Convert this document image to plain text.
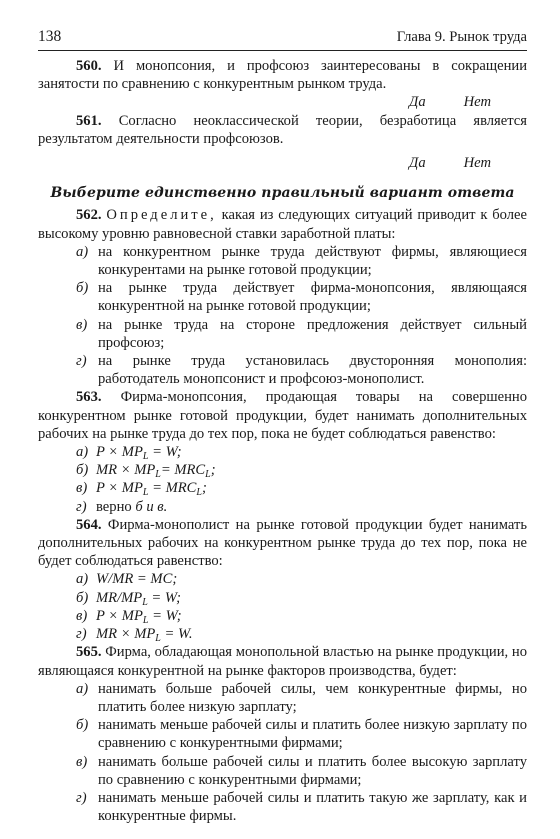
138	Глава 9. Рынок труда

560. И монопсония, и профсоюз заинтересованы в сокращении занятости по сравнению с конкурентным рынком труда.

Да	Нет

561. Согласно неоклассической теории, безработица является результатом деятельности профсоюзов.

Да	Нет
Выберите единственно правильный вариант ответа

562. Определите, какая из следующих ситуаций приводит к более высокому уровню равновесной ставки заработной платы:

а) на конкурентном рынке труда действуют фирмы, являющиеся конкурентами на рынке готовой продукции;
б) на рынке труда действует фирма-монопсония, являющаяся конкурентной на рынке готовой продукции;
в) на рынке труда на стороне предложения действует сильный профсоюз;
г) на рынке труда установилась двусторонняя монополия: работодатель монопсонист и профсоюз-монополист.

563. Фирма-монопсония, продающая товары на совершенно конкурентном рынке готовой продукции, будет нанимать дополнительных рабочих на рынке труда до тех пор, пока не будет соблюдаться равенство:

а) $P \times MP_L = W$;
б) MR × $MP_L= MRC_L$;
в) $P \times MP_L = MRC_L$;
г) верно б и в.

564. Фирма-монополист на рынке готовой продукции будет нанимать дополнительных рабочих на конкурентном рынке труда до тех пор, пока не будет соблюдаться равенство:

а) W/MR = MC;
б) $MR/MP_L = W$;
в) $P \times MP_L = W$;
г) MR × $MP_L = W$.

565. Фирма, обладающая монопольной властью на рынке продукции, но являющаяся конкурентной на рынке факторов производства, будет:

а) нанимать больше рабочей силы, чем конкурентные фирмы, но платить более низкую зарплату;
б) нанимать меньше рабочей силы и платить более низкую зарплату по сравнению с конкурентными фирмами;
в) нанимать больше рабочей силы и платить более высокую зарплату по сравнению с конкурентными фирмами;
г) нанимать меньше рабочей силы и платить такую же зарплату, как и конкурентные фирмы.
